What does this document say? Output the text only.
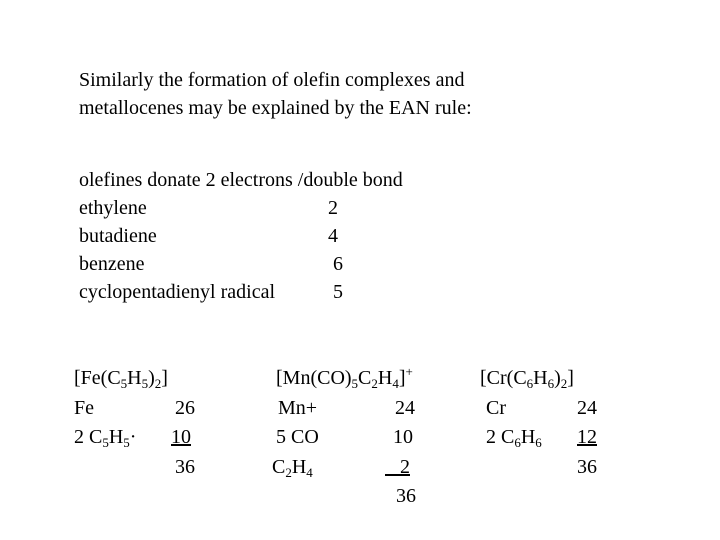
Similarly the formation of olefin complexes and
metallocenes may be explained by the EAN rule:
olefines donate 2 electrons /double bond
ethylene	2
butadiene	4
benzene	6
cyclopentadienyl radical	5
$[Fe(C_5H_5)_2]$
Fe	26
2 $C_5H_5\cdot 10$
36
$[Mn(CO)_5C_2H_4]^+$
Mn+	24
5 CO	10
$C_2H_4$	2
36
$[Cr(C_6H_6)_2]$
Cr	24
2 $C_6H_6$ 12
36
